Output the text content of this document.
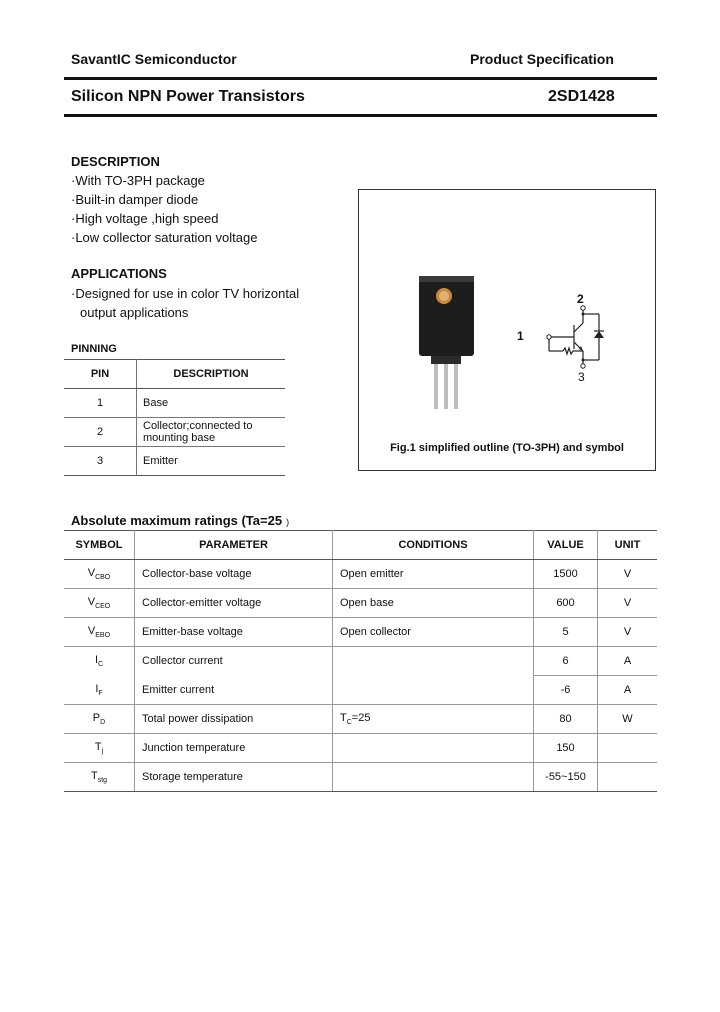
SavantIC Semiconductor	Product Specification
Silicon NPN Power Transistors	2SD1428
DESCRIPTION
·With TO-3PH package
·Built-in damper diode
·High voltage ,high speed
·Low collector saturation voltage
APPLICATIONS
·Designed for use in color TV horizontal
output applications
PINNING
PIN	DESCRIPTION
1	Base
2	Collector;connected to
mounting base

3	Emitter
1
2
3
Fig.1 simplified outline (TO-3PH) and symbol
Absolute maximum ratings (Ta=25 )
SYMBOL	PARAMETER	CONDITIONS	VALUE	UNIT
$V_{CBO}$	Collector-base voltage	Open emitter	1500	V
$V_{CEO}$	Collector-emitter voltage	Open base	600	V
$V_{EBO}$	Emitter-base voltage	Open collector	5	V
$I_C$	Collector current		6	A
$I_F$	Emitter current		-6	A
$P_D$	Total power dissipation	$T_C=25$	80	W
$T_j$	Junction temperature		150	
$T_{stg}$	Storage temperature		-55~150	
